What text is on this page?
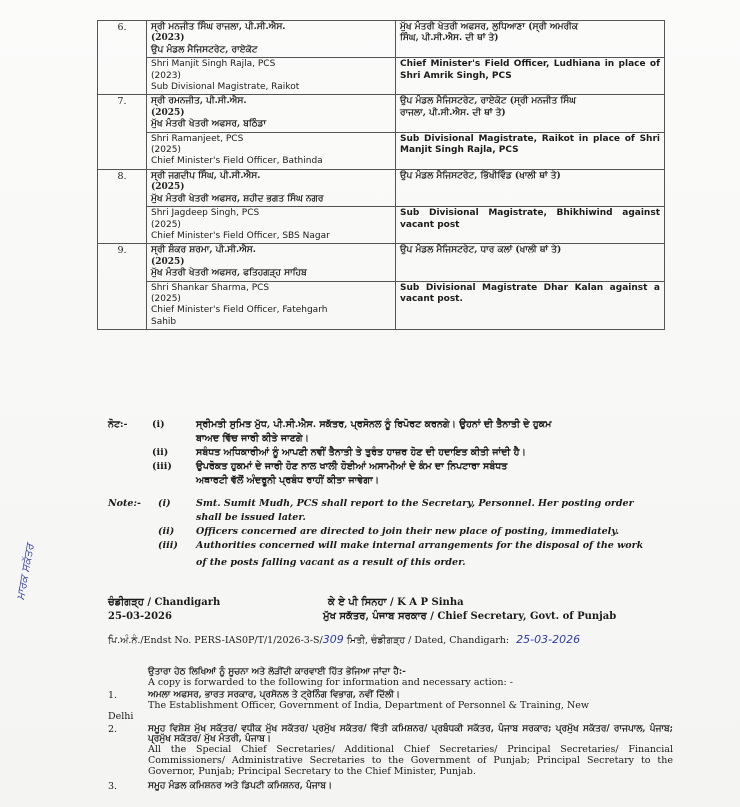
6.	ਸ੍ਰੀ ਮਨਜੀਤ ਸਿੰਘ ਰਾਜਲਾ, ਪੀ.ਸੀ.ਐਸ.
(2023)
ਉਪ ਮੰਡਲ ਮੈਜਿਸਟਰੇਟ, ਰਾਏਕੋਟ	ਮੁੱਖ ਮੰਤਰੀ ਖੇਤਰੀ ਅਫਸਰ, ਲੁਧਿਆਣਾ (ਸ੍ਰੀ ਅਮਰੀਕ
ਸਿੰਘ, ਪੀ.ਸੀ.ਐਸ. ਦੀ ਥਾਂ ਤੇ)

	Shri Manjit Singh Rajla, PCS
(2023)
Sub Divisional Magistrate, Raikot	Chief Minister's Field Officer, Ludhiana in place of Shri Amrik Singh, PCS
7.	ਸ੍ਰੀ ਰਮਨਜੀਤ, ਪੀ.ਸੀ.ਐਸ.
(2025)
ਮੁੱਖ ਮੰਤਰੀ ਖੇਤਰੀ ਅਫਸਰ, ਬਠਿੰਡਾ	ਉਪ ਮੰਡਲ ਮੈਜਿਸਟਰੇਟ, ਰਾਏਕੋਟ (ਸ੍ਰੀ ਮਨਜੀਤ ਸਿੰਘ
ਰਾਜਲਾ, ਪੀ.ਸੀ.ਐਸ. ਦੀ ਥਾਂ ਤੇ)

	Shri Ramanjeet, PCS
(2025)
Chief Minister's Field Officer, Bathinda	Sub Divisional Magistrate, Raikot in place of Shri Manjit Singh Rajla, PCS
8.	ਸ੍ਰੀ ਜਗਦੀਪ ਸਿੰਘ, ਪੀ.ਸੀ.ਐਸ.
(2025)
ਮੁੱਖ ਮੰਤਰੀ ਖੇਤਰੀ ਅਫਸਰ, ਸ਼ਹੀਦ ਭਗਤ ਸਿੰਘ ਨਗਰ	ਉਪ ਮੰਡਲ ਮੈਜਿਸਟਰੇਟ, ਭਿੱਖੀਵਿੰਡ (ਖਾਲੀ ਥਾਂ ਤੇ)

	Shri Jagdeep Singh, PCS
(2025)
Chief Minister's Field Officer, SBS Nagar	Sub Divisional Magistrate, Bhikhiwind against vacant post
9.	ਸ੍ਰੀ ਸ਼ੰਕਰ ਸ਼ਰਮਾ, ਪੀ.ਸੀ.ਐਸ.
(2025)
ਮੁੱਖ ਮੰਤਰੀ ਖੇਤਰੀ ਅਫਸਰ, ਫਤਿਹਗੜ੍ਹ ਸਾਹਿਬ	ਉਪ ਮੰਡਲ ਮੈਜਿਸਟਰੇਟ, ਧਾਰ ਕਲਾਂ (ਖਾਲੀ ਥਾਂ ਤੇ)

	Shri Shankar Sharma, PCS
(2025)
Chief Minister's Field Officer, Fatehgarh
Sahib	Sub Divisional Magistrate Dhar Kalan against a vacant post.
ਨੋਟ:-	(i)	ਸ੍ਰੀਮਤੀ ਸੁਮਿਤ ਮੁੱਧ, ਪੀ.ਸੀ.ਐਸ. ਸਕੱਤਰ, ਪ੍ਰਸੋਨਲ ਨੂੰ ਰਿਪੋਰਟ ਕਰਨਗੇ। ਉਹਨਾਂ ਦੀ ਤੈਨਾਤੀ ਦੇ ਹੁਕਮ
ਬਾਅਦ ਵਿੱਚ ਜਾਰੀ ਕੀਤੇ ਜਾਣਗੇ।
(ii)	ਸਬੰਧਤ ਅਧਿਕਾਰੀਆਂ ਨੂੰ ਆਪਣੀ ਨਵੀਂ ਤੈਨਾਤੀ ਤੇ ਤੁਰੰਤ ਹਾਜ਼ਰ ਹੋਣ ਦੀ ਹਦਾਇਤ ਕੀਤੀ ਜਾਂਦੀ ਹੈ।
(iii)	ਉਪਰੋਕਤ ਹੁਕਮਾਂ ਦੇ ਜਾਰੀ ਹੋਣ ਨਾਲ ਖਾਲੀ ਹੋਈਆਂ ਅਸਾਮੀਆਂ ਦੇ ਕੰਮ ਦਾ ਨਿਪਟਾਰਾ ਸਬੰਧਤ
ਅਥਾਰਟੀ ਵੱਲੋਂ ਅੰਦਰੂਨੀ ਪ੍ਰਬੰਧ ਰਾਹੀਂ ਕੀਤਾ ਜਾਵੇਗਾ।
Note:- (i)	Smt. Sumit Mudh, PCS shall report to the Secretary, Personnel. Her posting order
shall be issued later.
(ii) Officers concerned are directed to join their new place of posting, immediately.
(iii) Authorities concerned will make internal arrangements for the disposal of the work
of the posts falling vacant as a result of this order.
ਮਾਰਕ ਸਕੱਤਰ
ਚੰਡੀਗੜ੍ਹ / Chandigarh	ਕੇ ਏ ਪੀ ਸਿਨਹਾ / K A P Sinha
25-03-2026	ਮੁੱਖ ਸਕੱਤਰ, ਪੰਜਾਬ ਸਰਕਾਰ / Chief Secretary, Govt. of Punjab
ਪਿ.ਅੰ.ਨੰ./Endst No. PERS-IAS0P/T/1/2026-3-S/309 ਮਿਤੀ, ਚੰਡੀਗੜ੍ਹ / Dated, Chandigarh: 25-03-2026
ਉਤਾਰਾ ਹੇਠ ਲਿਖਿਆਂ ਨੂੰ ਸੂਚਨਾ ਅਤੇ ਲੋੜੀਂਦੀ ਕਾਰਵਾਈ ਹਿੱਤ ਭੇਜਿਆ ਜਾਂਦਾ ਹੈ:-
A copy is forwarded to the following for information and necessary action: -
1.	ਅਮਲਾ ਅਫਸਰ, ਭਾਰਤ ਸਰਕਾਰ, ਪ੍ਰਸੋਨਲ ਤੇ ਟ੍ਰੇਨਿੰਗ ਵਿਭਾਗ, ਨਵੀਂ ਦਿੱਲੀ।
The Establishment Officer, Government of India, Department of Personnel & Training, New
Delhi
2.	ਸਮੂਹ ਵਿਸ਼ੇਸ਼ ਮੁੱਖ ਸਕੱਤਰ/ ਵਧੀਕ ਮੁੱਖ ਸਕੱਤਰ/ ਪ੍ਰਮੁੱਖ ਸਕੱਤਰ/ ਵਿੱਤੀ ਕਮਿਸ਼ਨਰ/ ਪ੍ਰਬੰਧਕੀ ਸਕੱਤਰ, ਪੰਜਾਬ ਸਰਕਾਰ; ਪ੍ਰਮੁੱਖ ਸਕੱਤਰ/ ਰਾਜਪਾਲ, ਪੰਜਾਬ; ਪ੍ਰਮੁੱਖ ਸਕੱਤਰ/ ਮੁੱਖ ਮੰਤਰੀ, ਪੰਜਾਬ।
All the Special Chief Secretaries/ Additional Chief Secretaries/ Principal Secretaries/ Financial Commissioners/ Administrative Secretaries to the Government of Punjab; Principal Secretary to the Governor, Punjab; Principal Secretary to the Chief Minister, Punjab.
3.	ਸਮੂਹ ਮੰਡਲ ਕਮਿਸ਼ਨਰ ਅਤੇ ਡਿਪਟੀ ਕਮਿਸ਼ਨਰ, ਪੰਜਾਬ।
